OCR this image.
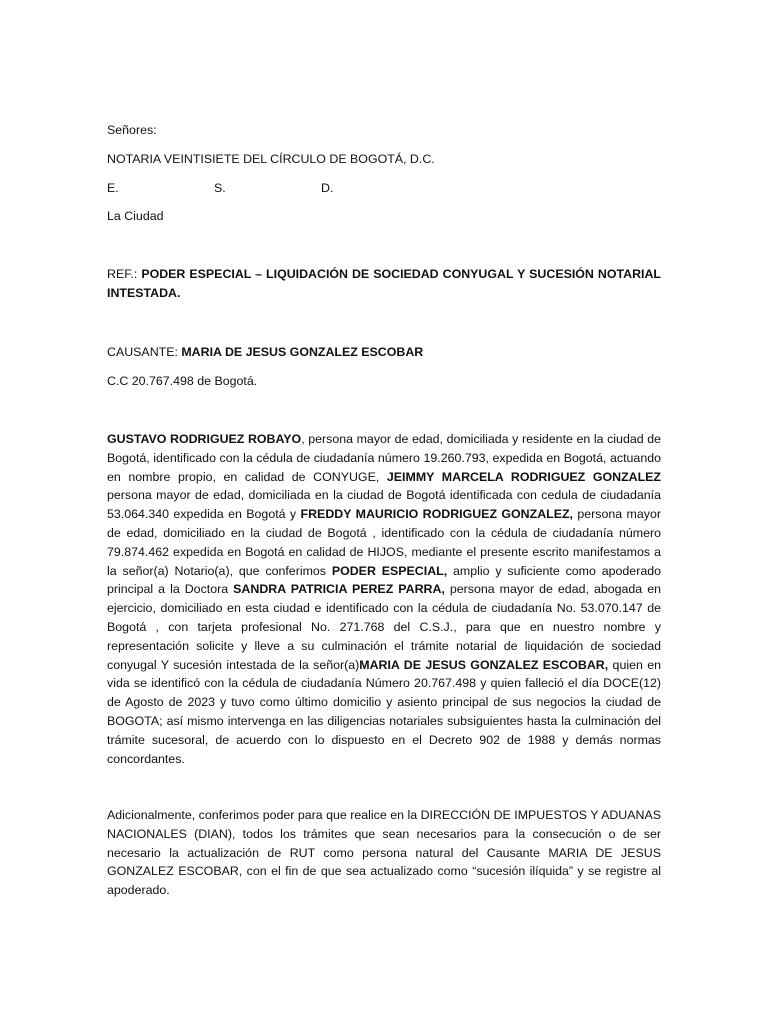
Señores:
NOTARIA VEINTISIETE DEL CÍRCULO DE BOGOTÁ, D.C.
E.	S.	D.
La Ciudad
REF.: PODER ESPECIAL – LIQUIDACIÓN DE SOCIEDAD CONYUGAL Y SUCESIÓN NOTARIAL INTESTADA.
CAUSANTE: MARIA DE JESUS GONZALEZ ESCOBAR
C.C 20.767.498 de Bogotá.
GUSTAVO RODRIGUEZ ROBAYO, persona mayor de edad, domiciliada y residente en la ciudad de Bogotá, identificado con la cédula de ciudadanía número 19.260.793, expedida en Bogotá, actuando en nombre propio, en calidad de CONYUGE, JEIMMY MARCELA RODRIGUEZ GONZALEZ persona mayor de edad, domiciliada en la ciudad de Bogotá identificada con cedula de ciudadanía 53.064.340 expedida en Bogotá y FREDDY MAURICIO RODRIGUEZ GONZALEZ, persona mayor de edad, domiciliado en la ciudad de Bogotá , identificado con la cédula de ciudadanía número 79.874.462 expedida en Bogotá en calidad de HIJOS, mediante el presente escrito manifestamos a la señor(a) Notario(a), que conferimos PODER ESPECIAL, amplio y suficiente como apoderado principal a la Doctora SANDRA PATRICIA PEREZ PARRA, persona mayor de edad, abogada en ejercicio, domiciliado en esta ciudad e identificado con la cédula de ciudadanía No. 53.070.147 de Bogotá , con tarjeta profesional No. 271.768 del C.S.J., para que en nuestro nombre y representación solicite y lleve a su culminación el trámite notarial de liquidación de sociedad conyugal Y sucesión intestada de la señor(a)MARIA DE JESUS GONZALEZ ESCOBAR, quien en vida se identificó con la cédula de ciudadanía Número 20.767.498 y quien falleció el día DOCE(12) de Agosto de 2023 y tuvo como último domicilio y asiento principal de sus negocios la ciudad de BOGOTA; así mismo intervenga en las diligencias notariales subsiguientes hasta la culminación del trámite sucesoral, de acuerdo con lo dispuesto en el Decreto 902 de 1988 y demás normas concordantes.
Adicionalmente, conferimos poder para que realice en la DIRECCIÓN DE IMPUESTOS Y ADUANAS NACIONALES (DIAN), todos los trámites que sean necesarios para la consecución o de ser necesario la actualización de RUT como persona natural del Causante MARIA DE JESUS GONZALEZ ESCOBAR, con el fin de que sea actualizado como “sucesión ilíquida” y se registre al apoderado.
